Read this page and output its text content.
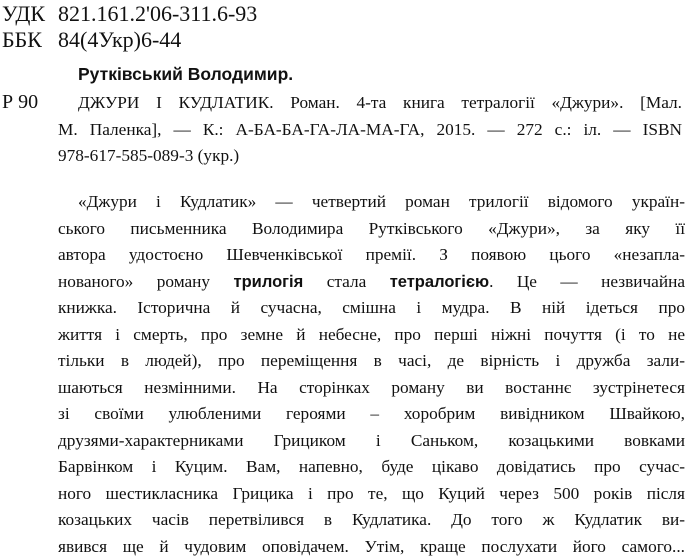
УДК 821.161.2'06-311.6-93
ББК 84(4Укр)6-44
Рутківський Володимир.
Р 90	ДЖУРИ І КУДЛАТИК. Роман. 4-та книга тетралогії «Джури». [Мал.
М. Паленка], — К.: А-БА-БА-ГА-ЛА-МА-ГА, 2015. — 272 с.: іл. — ISBN
978-617-585-089-3 (укр.)
«Джури і Кудлатик» — четвертий роман трилогії відомого україн-
ського письменника Володимира Рутківського «Джури», за яку її
автора удостоєно Шевченківської премії. З появою цього «незапла-
нованого» роману трилогія стала тетралогією. Це — незвичайна
книжка. Історична й сучасна, смішна і мудра. В ній ідеться про
життя і смерть, про земне й небесне, про перші ніжні почуття (і то не
тільки в людей), про переміщення в часі, де вірність і дружба зали-
шаються незмінними. На сторінках роману ви востаннє зустрінетеся
зі своїми улюбленими героями – хоробрим вивідником Швайкою,
друзями-характерниками Грициком і Саньком, козацькими вовками
Барвінком і Куцим. Вам, напевно, буде цікаво довідатись про сучас-
ного шестикласника Грицика і про те, що Куций через 500 років після
козацьких часів перетвілився в Кудлатика. До того ж Кудлатик ви-
явився ще й чудовим оповідачем. Утім, краще послухати його самого...
